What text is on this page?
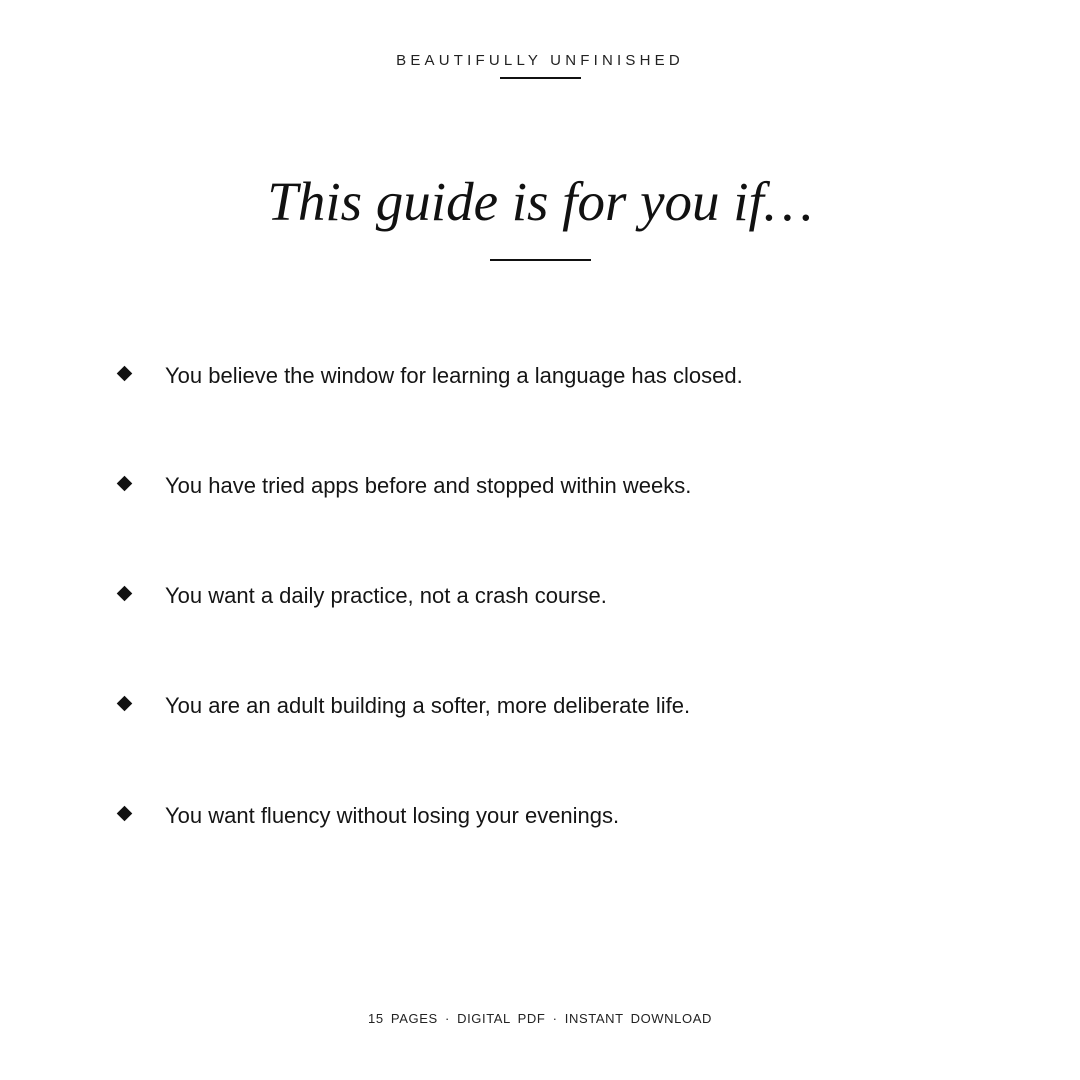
BEAUTIFULLY UNFINISHED
This guide is for you if…
You believe the window for learning a language has closed.
You have tried apps before and stopped within weeks.
You want a daily practice, not a crash course.
You are an adult building a softer, more deliberate life.
You want fluency without losing your evenings.
15 PAGES · DIGITAL PDF · INSTANT DOWNLOAD
